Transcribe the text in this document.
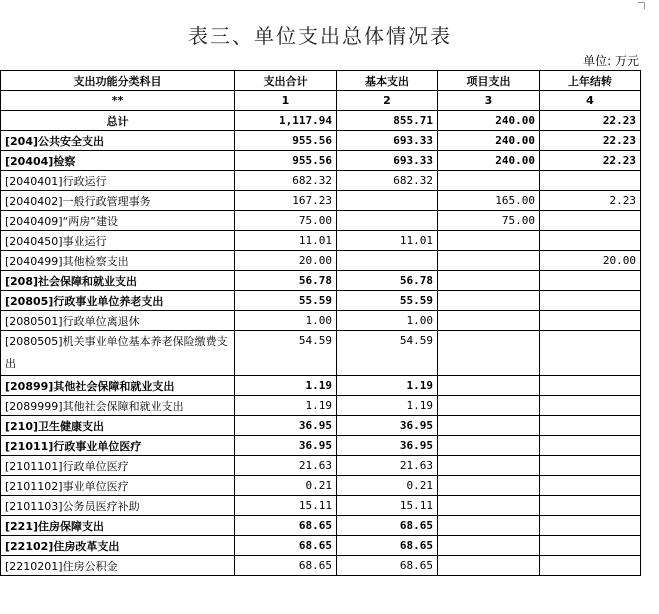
表三、单位支出总体情况表
单位: 万元
支出功能分类科目	支出合计	基本支出	项目支出	上年结转
**	1	2	3	4
总计	1,117.94	855.71	240.00	22.23
[204]公共安全支出	955.56	693.33	240.00	22.23
[20404]检察	955.56	693.33	240.00	22.23
[2040401]行政运行	682.32	682.32		
[2040402]一般行政管理事务	167.23		165.00	2.23
[2040409]“两房”建设	75.00		75.00	
[2040450]事业运行	11.01	11.01		
[2040499]其他检察支出	20.00			20.00
[208]社会保障和就业支出	56.78	56.78		
[20805]行政事业单位养老支出	55.59	55.59		
[2080501]行政单位离退休	1.00	1.00		
[2080505]机关事业单位基本养老保险缴费支出	54.59	54.59		
[20899]其他社会保障和就业支出	1.19	1.19		
[2089999]其他社会保障和就业支出	1.19	1.19		
[210]卫生健康支出	36.95	36.95		
[21011]行政事业单位医疗	36.95	36.95		
[2101101]行政单位医疗	21.63	21.63		
[2101102]事业单位医疗	0.21	0.21		
[2101103]公务员医疗补助	15.11	15.11		
[221]住房保障支出	68.65	68.65		
[22102]住房改革支出	68.65	68.65		
[2210201]住房公积金	68.65	68.65		
